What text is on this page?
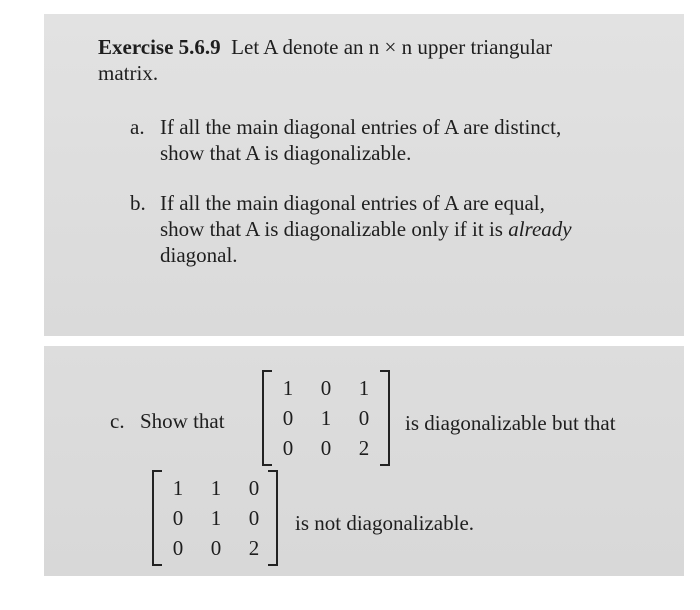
Exercise 5.6.9 Let A denote an n × n upper triangular
matrix.
a. If all the main diagonal entries of A are distinct,
show that A is diagonalizable.
b. If all the main diagonal entries of A are equal,
show that A is diagonalizable only if it is already
diagonal.
c. Show that
1	0	1
0	1	0
0	0	2
is diagonalizable but that
1	1	0
0	1	0
0	0	2
is not diagonalizable.
